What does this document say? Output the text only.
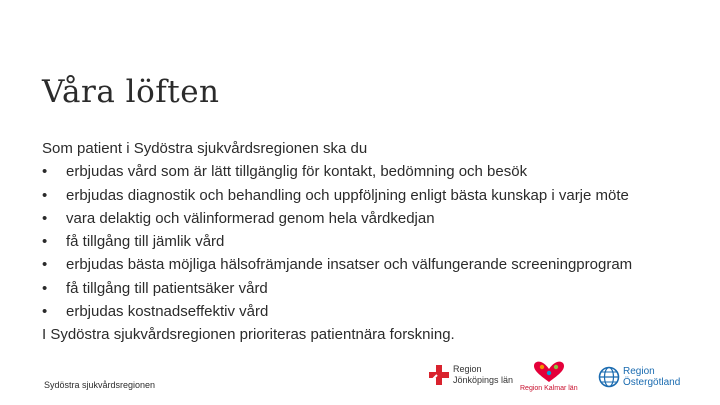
Våra löften
Som patient i Sydöstra sjukvårdsregionen ska du
•	erbjudas vård som är lätt tillgänglig för kontakt, bedömning och besök
•	erbjudas diagnostik och behandling och uppföljning enligt bästa kunskap i varje möte
•	vara delaktig och välinformerad genom hela vårdkedjan
•	få tillgång till jämlik vård
•	erbjudas bästa möjliga hälsofrämjande insatser och välfungerande screeningprogram
•	få tillgång till patientsäker vård
•	erbjudas kostnadseffektiv vård
I Sydöstra sjukvårdsregionen prioriteras patientnära forskning.
Sydöstra sjukvårdsregionen
Region
Jönköpings län
Region Kalmar län
Region
Östergötland
